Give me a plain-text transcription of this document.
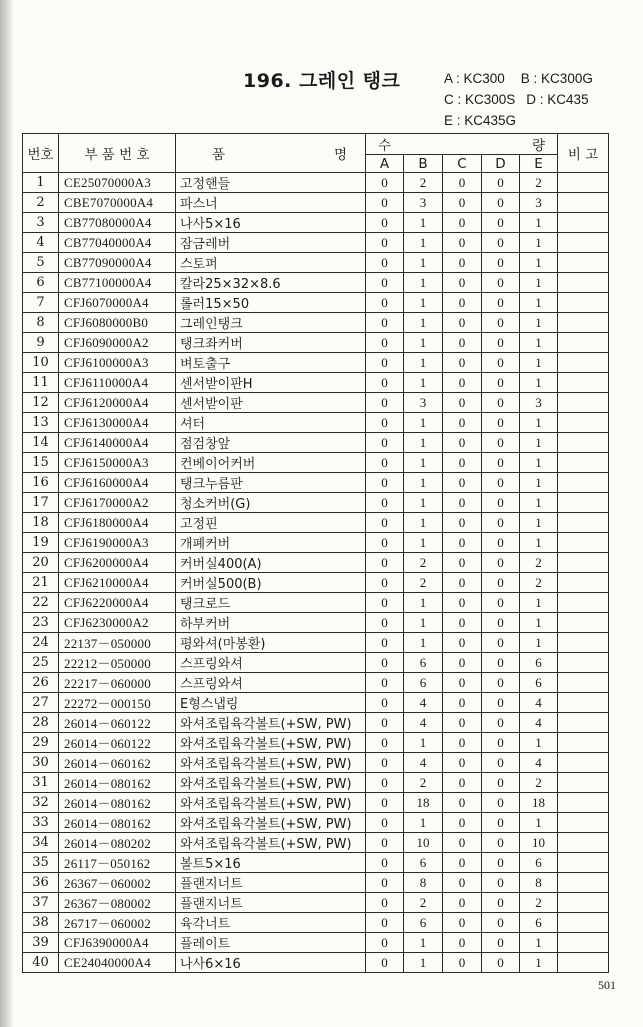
196. 그레인 탱크	A : KC300 B : KC300G
C : KC300S D : KC435
E : KC435G
번호	부 품 번 호	품 명	수 량					비 고
			A	B	C	D	E	
1	CE25070000A3	고정핸들	0	2	0	0	2	
2	CBE7070000A4	파스너	0	3	0	0	3	
3	CB77080000A4	나사5×16	0	1	0	0	1	
4	CB77040000A4	잠금레버	0	1	0	0	1	
5	CB77090000A4	스토퍼	0	1	0	0	1	
6	CB77100000A4	칼라25×32×8.6	0	1	0	0	1	
7	CFJ6070000A4	롤러15×50	0	1	0	0	1	
8	CFJ6080000B0	그레인탱크	0	1	0	0	1	
9	CFJ6090000A2	탱크좌커버	0	1	0	0	1	
10	CFJ6100000A3	벼토출구	0	1	0	0	1	
11	CFJ6110000A4	센서받이판H	0	1	0	0	1	
12	CFJ6120000A4	센서받이판	0	3	0	0	3	
13	CFJ6130000A4	셔터	0	1	0	0	1	
14	CFJ6140000A4	점검창앞	0	1	0	0	1	
15	CFJ6150000A3	컨베이어커버	0	1	0	0	1	
16	CFJ6160000A4	탱크누름판	0	1	0	0	1	
17	CFJ6170000A2	청소커버(G)	0	1	0	0	1	
18	CFJ6180000A4	고정핀	0	1	0	0	1	
19	CFJ6190000A3	개폐커버	0	1	0	0	1	
20	CFJ6200000A4	커버실400(A)	0	2	0	0	2	
21	CFJ6210000A4	커버실500(B)	0	2	0	0	2	
22	CFJ6220000A4	탱크로드	0	1	0	0	1	
23	CFJ6230000A2	하부커버	0	1	0	0	1	
24	22137－050000	평와셔(마봉환)	0	1	0	0	1	
25	22212－050000	스프링와셔	0	6	0	0	6	
26	22217－060000	스프링와셔	0	6	0	0	6	
27	22272－000150	E형스냅링	0	4	0	0	4	
28	26014－060122	와셔조립육각볼트(+SW, PW)	0	4	0	0	4	
29	26014－060122	와셔조립육각볼트(+SW, PW)	0	1	0	0	1	
30	26014－060162	와셔조립육각볼트(+SW, PW)	0	4	0	0	4	
31	26014－080162	와셔조립육각볼트(+SW, PW)	0	2	0	0	2	
32	26014－080162	와셔조립육각볼트(+SW, PW)	0	18	0	0	18	
33	26014－080162	와셔조립육각볼트(+SW, PW)	0	1	0	0	1	
34	26014－080202	와셔조립육각볼트(+SW, PW)	0	10	0	0	10	
35	26117－050162	볼트5×16	0	6	0	0	6	
36	26367－060002	플랜지너트	0	8	0	0	8	
37	26367－080002	플랜지너트	0	2	0	0	2	
38	26717－060002	육각너트	0	6	0	0	6	
39	CFJ6390000A4	플레이트	0	1	0	0	1	
40	CE24040000A4	나사6×16	0	1	0	0	1	
501
